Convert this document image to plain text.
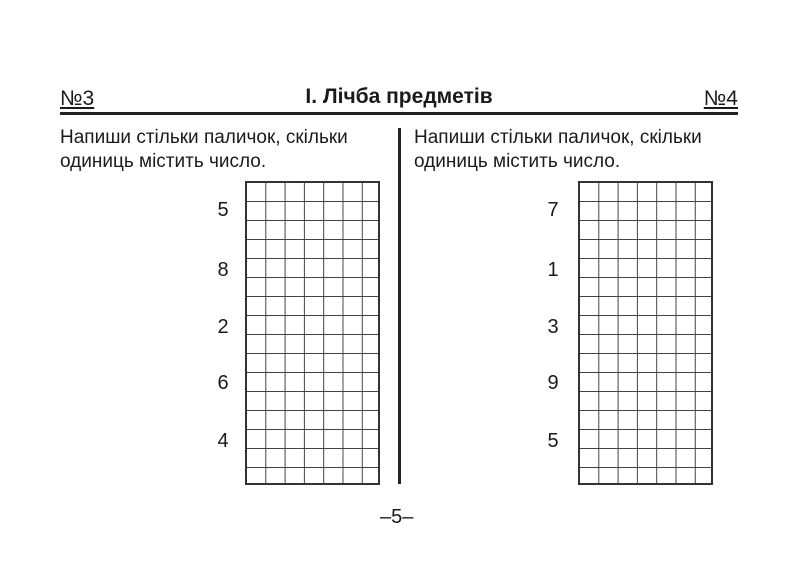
№3	І. Лічба предметів	№4
Напиши стільки паличок, скільки
одиниць містить число.
Напиши стільки паличок, скільки
одиниць містить число.
5
8
2
6
4
7
1
3
9
5
–5–
